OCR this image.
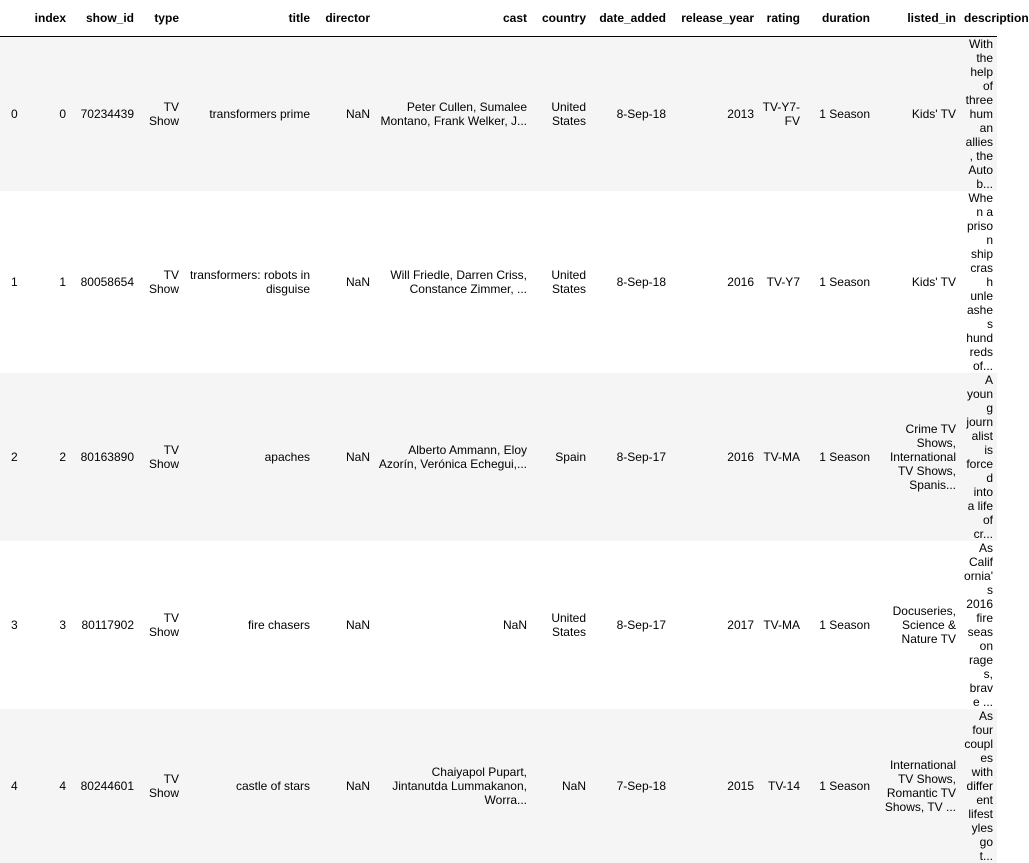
	index	show_id	type	title	director	cast	country	date_added	release_year	rating	duration	listed_in	description
0	0	70234439	TV Show	transformers prime	NaN	Peter Cullen, Sumalee Montano, Frank Welker, J...	United States	8-Sep-18	2013	TV-Y7-FV	1 Season	Kids' TV	With the help of three human allies, the Autob...
1	1	80058654	TV Show	transformers: robots in disguise	NaN	Will Friedle, Darren Criss, Constance Zimmer, ...	United States	8-Sep-18	2016	TV-Y7	1 Season	Kids' TV	When a prison ship crash unleashes hundreds of...
2	2	80163890	TV Show	apaches	NaN	Alberto Ammann, Eloy Azorín, Verónica Echegui,...	Spain	8-Sep-17	2016	TV-MA	1 Season	Crime TV Shows, International TV Shows, Spanis...	A young journalist is forced into a life of cr...
3	3	80117902	TV Show	fire chasers	NaN	NaN	United States	8-Sep-17	2017	TV-MA	1 Season	Docuseries, Science & Nature TV	As California's 2016 fire season rages, brave ...
4	4	80244601	TV Show	castle of stars	NaN	Chaiyapol Pupart, Jintanutda Lummakanon, Worra...	NaN	7-Sep-18	2015	TV-14	1 Season	International TV Shows, Romantic TV Shows, TV ...	As four couples with different lifestyles go t...
